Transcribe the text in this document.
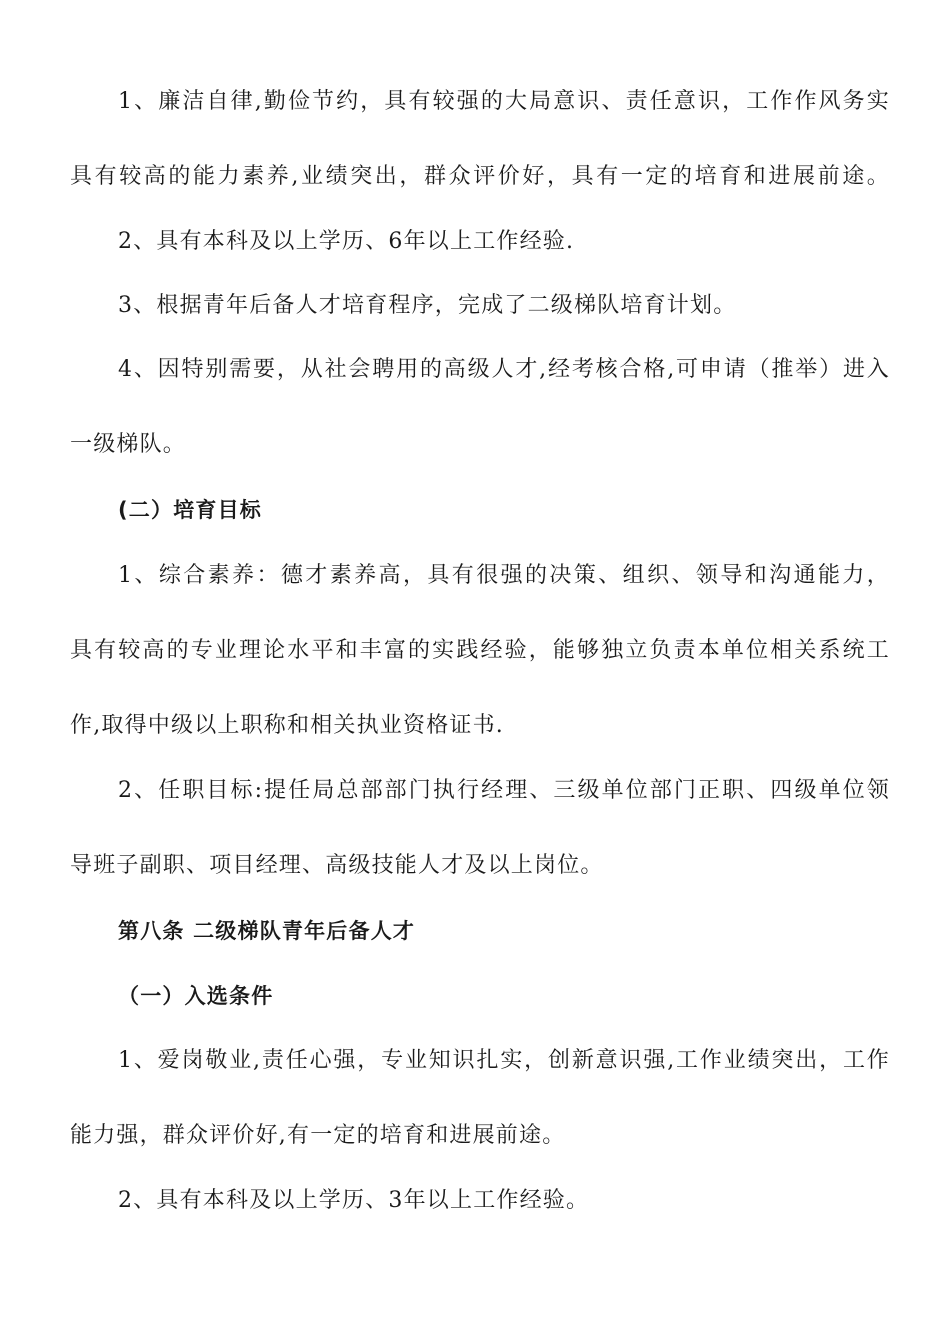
1、廉洁自律,勤俭节约，具有较强的大局意识、责任意识，工作作风务实
具有较高的能力素养,业绩突出，群众评价好，具有一定的培育和进展前途。
2、具有本科及以上学历、6年以上工作经验.
3、根据青年后备人才培育程序，完成了二级梯队培育计划。
4、因特别需要，从社会聘用的高级人才,经考核合格,可申请（推举）进入
一级梯队。
(二）培育目标
1、综合素养：德才素养高，具有很强的决策、组织、领导和沟通能力，
具有较高的专业理论水平和丰富的实践经验，能够独立负责本单位相关系统工
作,取得中级以上职称和相关执业资格证书.
2、任职目标:提任局总部部门执行经理、三级单位部门正职、四级单位领
导班子副职、项目经理、高级技能人才及以上岗位。
第八条 二级梯队青年后备人才
（一）入选条件
1、爱岗敬业,责任心强，专业知识扎实，创新意识强,工作业绩突出，工作
能力强，群众评价好,有一定的培育和进展前途。
2、具有本科及以上学历、3年以上工作经验。
